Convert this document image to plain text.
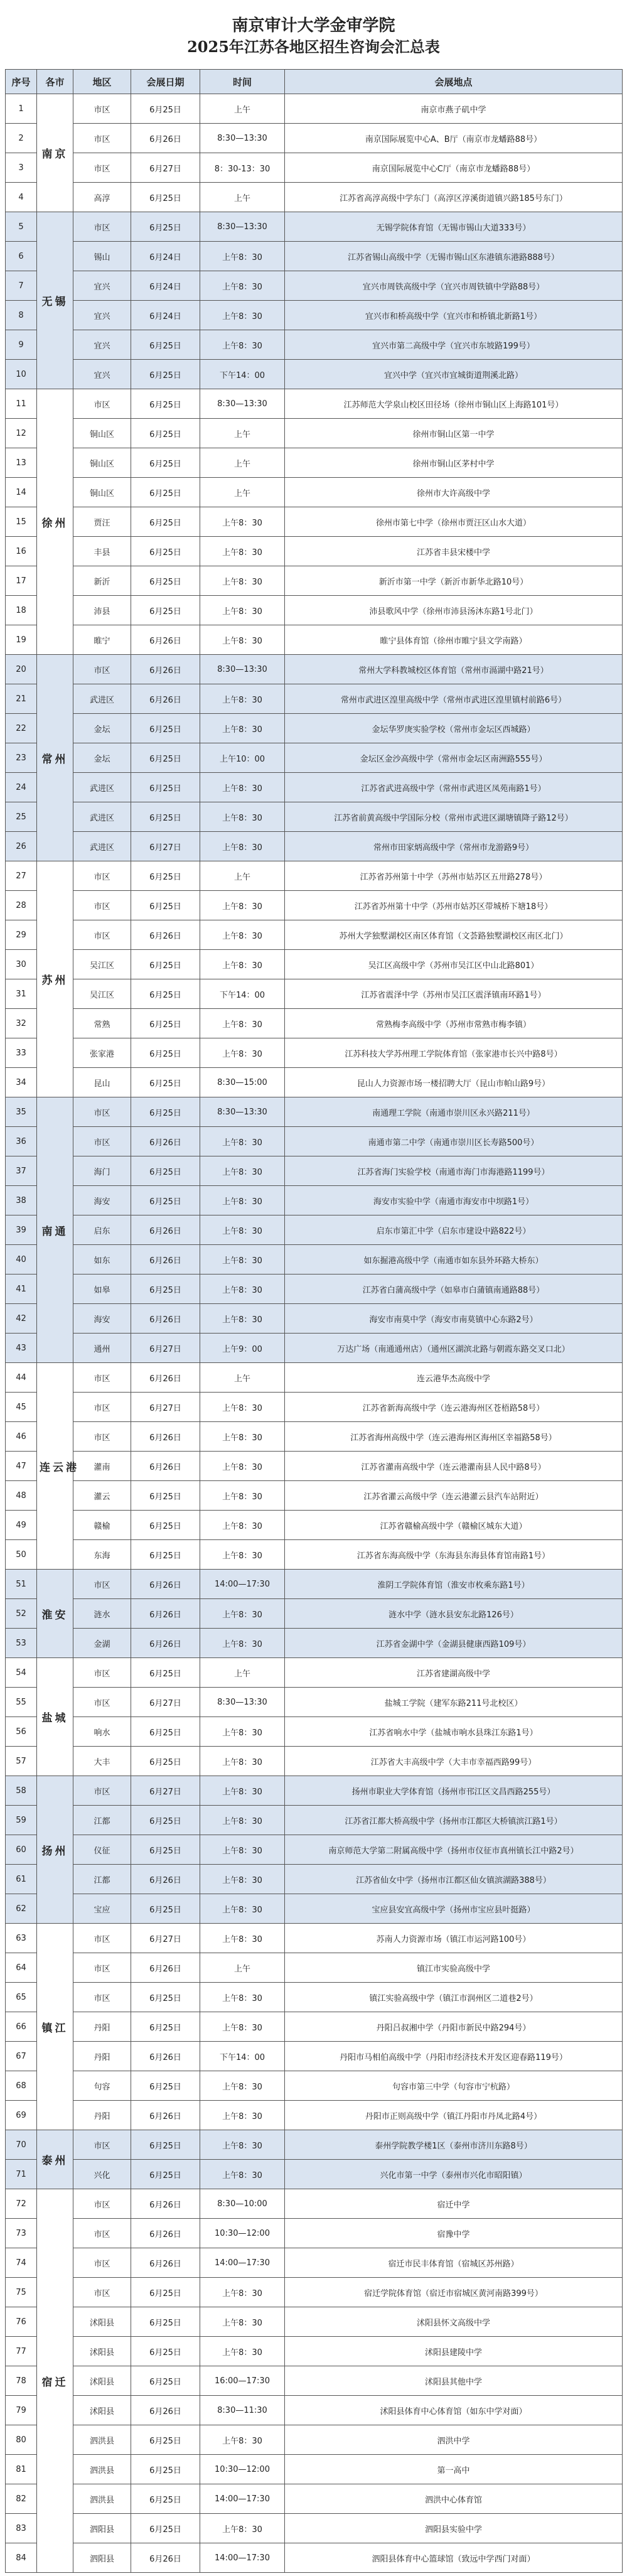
南京审计大学金审学院
2025年江苏各地区招生咨询会汇总表
序号	各市	地区	会展日期	时间	会展地点
1	南京	市区	6月25日	上午	南京市燕子矶中学
2		市区	6月26日	8:30—13:30	南京国际展览中心A、B厅（南京市龙蟠路88号）
3		市区	6月27日	8：30-13：30	南京国际展览中心C厅（南京市龙蟠路88号）
4		高淳	6月25日	上午	江苏省高淳高级中学东门（高淳区淳溪街道镇兴路185号东门）
5	无锡	市区	6月25日	8:30—13:30	无锡学院体育馆（无锡市锡山大道333号）
6		锡山	6月24日	上午8：30	江苏省锡山高级中学（无锡市锡山区东港镇东港路888号）
7		宜兴	6月24日	上午8：30	宜兴市周铁高级中学（宜兴市周铁镇中学路88号）
8		宜兴	6月24日	上午8：30	宜兴市和桥高级中学（宜兴市和桥镇北新路1号）
9		宜兴	6月25日	上午8：30	宜兴市第二高级中学（宜兴市东坡路199号）
10		宜兴	6月25日	下午14：00	宜兴中学（宜兴市宜城街道荆溪北路）
11	徐州	市区	6月25日	8:30—13:30	江苏师范大学泉山校区田径场（徐州市铜山区上海路101号）
12		铜山区	6月25日	上午	徐州市铜山区第一中学
13		铜山区	6月25日	上午	徐州市铜山区茅村中学
14		铜山区	6月25日	上午	徐州市大许高级中学
15		贾汪	6月25日	上午8：30	徐州市第七中学（徐州市贾汪区山水大道）
16		丰县	6月25日	上午8：30	江苏省丰县宋楼中学
17		新沂	6月25日	上午8：30	新沂市第一中学（新沂市新华北路10号）
18		沛县	6月25日	上午8：30	沛县歌风中学（徐州市沛县汤沐东路1号北门）
19		睢宁	6月26日	上午8：30	睢宁县体育馆（徐州市睢宁县文学南路）
20	常州	市区	6月26日	8:30—13:30	常州大学科教城校区体育馆（常州市滆湖中路21号）
21		武进区	6月26日	上午8：30	常州市武进区湟里高级中学（常州市武进区湟里镇村前路6号）
22		金坛	6月25日	上午8：30	金坛华罗庚实验学校（常州市金坛区西城路）
23		金坛	6月25日	上午10：00	金坛区金沙高级中学（常州市金坛区南洲路555号）
24		武进区	6月25日	上午8：30	江苏省武进高级中学（常州市武进区凤苑南路1号）
25		武进区	6月25日	上午8：30	江苏省前黄高级中学国际分校（常州市武进区湖塘镇降子路12号）
26		武进区	6月27日	上午8：30	常州市田家炳高级中学（常州市龙游路9号）
27	苏州	市区	6月25日	上午	江苏省苏州第十中学（苏州市姑苏区五卅路278号）
28		市区	6月25日	上午8：30	江苏省苏州第十中学（苏州市姑苏区带城桥下塘18号）
29		市区	6月26日	上午8：30	苏州大学独墅湖校区南区体育馆（文荟路独墅湖校区南区北门）
30		吴江区	6月25日	上午8：30	吴江区高级中学（苏州市吴江区中山北路801）
31		吴江区	6月25日	下午14：00	江苏省震泽中学（苏州市吴江区震泽镇南环路1号）
32		常熟	6月25日	上午8：30	常熟梅李高级中学（苏州市常熟市梅李镇）
33		张家港	6月25日	上午8：30	江苏科技大学苏州理工学院体育馆（张家港市长兴中路8号）
34		昆山	6月25日	8:30—15:00	昆山人力资源市场一楼招聘大厅（昆山市帕山路9号）
35	南通	市区	6月25日	8:30—13:30	南通理工学院（南通市崇川区永兴路211号）
36		市区	6月26日	上午8：30	南通市第二中学（南通市崇川区长寿路500号）
37		海门	6月25日	上午8：30	江苏省海门实验学校（南通市海门市海港路1199号）
38		海安	6月25日	上午8：30	海安市实验中学（南通市海安市中坝路1号）
39		启东	6月26日	上午8：30	启东市第汇中学（启东市建设中路822号）
40		如东	6月26日	上午8：30	如东掘港高级中学（南通市如东县外环路大桥东）
41		如皋	6月25日	上午8：30	江苏省白蒲高级中学（如皋市白蒲镇南通路88号）
42		海安	6月26日	上午8：30	海安市南莫中学（海安市南莫镇中心东路2号）
43		通州	6月27日	上午9：00	万达广场（南通通州店）（通州区湖滨北路与朝霞东路交叉口北）
44	连云港	市区	6月26日	上午	连云港华杰高级中学
45		市区	6月27日	上午8：30	江苏省新海高级中学（连云港海州区苍梧路58号）
46		市区	6月26日	上午8：30	江苏省海州高级中学（连云港海州区海州区幸福路58号）
47		灌南	6月26日	上午8：30	江苏省灌南高级中学（连云港灌南县人民中路8号）
48		灌云	6月25日	上午8：30	江苏省灌云高级中学（连云港灌云县汽车站附近）
49		赣榆	6月25日	上午8：30	江苏省赣榆高级中学（赣榆区城东大道）
50		东海	6月25日	上午8：30	江苏省东海高级中学（东海县东海县体育馆南路1号）
51	淮安	市区	6月26日	14:00—17:30	淮阴工学院体育馆（淮安市枚乘东路1号）
52		涟水	6月26日	上午8：30	涟水中学（涟水县安东北路126号）
53		金湖	6月26日	上午8：30	江苏省金湖中学（金湖县健康西路109号）
54	盐城	市区	6月25日	上午	江苏省建湖高级中学
55		市区	6月27日	8:30—13:30	盐城工学院（建军东路211号北校区）
56		响水	6月25日	上午8：30	江苏省响水中学（盐城市响水县珠江东路1号）
57		大丰	6月25日	上午8：30	江苏省大丰高级中学（大丰市幸福西路99号）
58	扬州	市区	6月27日	上午8：30	扬州市职业大学体育馆（扬州市邗江区文昌西路255号）
59		江都	6月25日	上午8：30	江苏省江都大桥高级中学（扬州市江都区大桥镇滨江路1号）
60		仪征	6月25日	上午8：30	南京师范大学第二附属高级中学（扬州市仪征市真州镇长江中路2号）
61		江都	6月26日	上午8：30	江苏省仙女中学（扬州市江都区仙女镇滨湖路388号）
62		宝应	6月25日	上午8：30	宝应县安宜高级中学（扬州市宝应县叶挺路）
63	镇江	市区	6月27日	上午8：30	苏南人力资源市场（镇江市运河路100号）
64		市区	6月26日	上午	镇江市实验高级中学
65		市区	6月25日	上午8：30	镇江实验高级中学（镇江市润州区二道巷2号）
66		丹阳	6月25日	上午8：30	丹阳吕叔湘中学（丹阳市新民中路294号）
67		丹阳	6月26日	下午14：00	丹阳市马相伯高级中学（丹阳市经济技术开发区迎春路119号）
68		句容	6月25日	上午8：30	句容市第三中学（句容市宁杭路）
69		丹阳	6月26日	上午8：30	丹阳市正则高级中学（镇江丹阳市丹凤北路4号）
70	泰州	市区	6月25日	上午8：30	泰州学院教学楼1区（泰州市济川东路8号）
71		兴化	6月25日	上午8：30	兴化市第一中学（泰州市兴化市昭阳镇）
72	宿迁	市区	6月26日	8:30—10:00	宿迁中学
73		市区	6月26日	10:30—12:00	宿豫中学
74		市区	6月26日	14:00—17:30	宿迁市民丰体育馆（宿城区苏州路）
75		市区	6月25日	上午8：30	宿迁学院体育馆（宿迁市宿城区黄河南路399号）
76		沭阳县	6月25日	上午8：30	沭阳县怀文高级中学
77		沭阳县	6月25日	上午8：30	沭阳县建陵中学
78		沭阳县	6月25日	16:00—17:30	沭阳县其他中学
79		沭阳县	6月26日	8:30—11:30	沭阳县体育中心体育馆（如东中学对面）
80		泗洪县	6月25日	上午8：30	泗洪中学
81		泗洪县	6月25日	10:30—12:00	第一高中
82		泗洪县	6月25日	14:00—17:30	泗洪中心体育馆
83		泗阳县	6月25日	上午8：30	泗阳县实验中学
84		泗阳县	6月26日	14:00—17:30	泗阳县体育中心篮球馆（致远中学西门对面）
